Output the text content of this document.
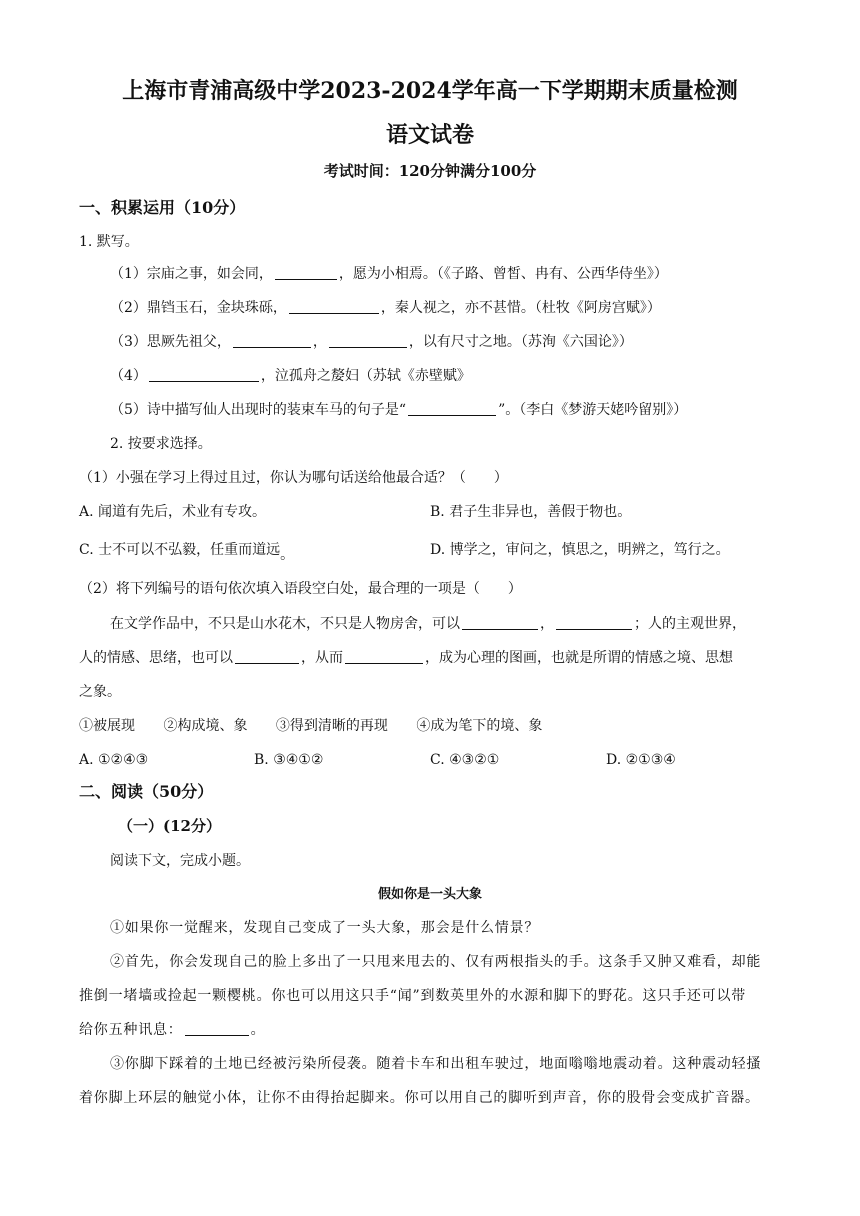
上海市青浦高级中学2023-2024学年高一下学期期末质量检测
语文试卷
考试时间：120分钟满分100分
一、积累运用（10分）
1. 默写。
（1）宗庙之事，如会同，	，愿为小相焉。（《子路、曾皙、冉有、公西华侍坐》）
（2）鼎铛玉石，金块珠砾，	，秦人视之，亦不甚惜。（杜牧《阿房宫赋》）
（3）思厥先祖父，	，	，以有尺寸之地。（苏洵《六国论》）
（4）	，泣孤舟之嫠妇（苏轼《赤壁赋》
（5）诗中描写仙人出现时的装束车马的句子是“	”。（李白《梦游天姥吟留别》）
2. 按要求选择。
（1）小强在学习上得过且过，你认为哪句话送给他最合适？（　　）
A. 闻道有先后，术业有专攻。	B. 君子生非异也，善假于物也。
C. 士不可以不弘毅，任重而道远。	D. 博学之，审问之，慎思之，明辨之，笃行之。
（2）将下列编号的语句依次填入语段空白处，最合理的一项是（　　）
在文学作品中，不只是山水花木，不只是人物房舍，可以	，	；人的主观世界，
人的情感、思绪，也可以	，从而	，成为心理的图画，也就是所谓的情感之境、思想
之象。
①被展现 ②构成境、象 ③得到清晰的再现 ④成为笔下的境、象
A. ①②④③	B. ③④①②	C. ④③②①	D. ②①③④
二、阅读（50分）
（一）(12分）
阅读下文，完成小题。
假如你是一头大象
①如果你一觉醒来，发现自己变成了一头大象，那会是什么情景？
②首先，你会发现自己的脸上多出了一只甩来甩去的、仅有两根指头的手。这条手又肿又难看，却能
推倒一堵墙或捡起一颗樱桃。你也可以用这只手“闻”到数英里外的水源和脚下的野花。这只手还可以带
给你五种讯息：	。
③你脚下踩着的土地已经被污染所侵袭。随着卡车和出租车驶过，地面嗡嗡地震动着。这种震动轻搔
着你脚上环层的触觉小体，让你不由得抬起脚来。你可以用自己的脚听到声音，你的股骨会变成扩音器。
